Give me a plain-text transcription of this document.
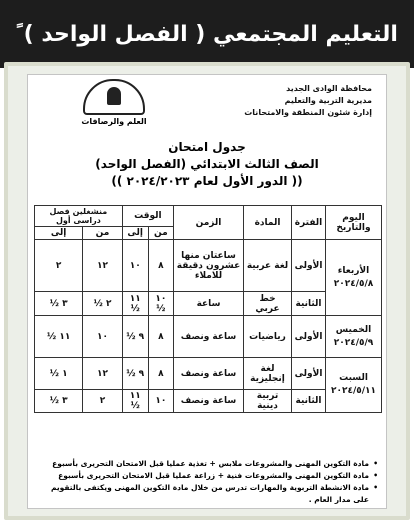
التعليم المجتمعي ( الفصل الواحد ) ً
محافظة الوادى الجديد
مديرية التربية والتعليم
إدارة شئون المنطقة والامتحانات
العلم والرصافات
جدول امتحان
الصف الثالث الابتدائي (الفصل الواحد)
(( الدور الأول لعام ٢٠٢٤/٢٠٢٣ ))
اليوم والتاريخ	الفترة	المادة	الزمن	الوقت		منشغلين فصل دراسى أول	
				من	إلى	من	إلى

الأربعاء
٢٠٢٤/٥/٨	الأولى	لغة عربية	ساعتان منها عشرون دقيقة للاملاء	٨	١٠	١٢	٢
	الثانية	خط عربي	ساعة	١٠ ½	١١ ½	٢ ½	٣ ½

الخميس
٢٠٢٤/٥/٩	الأولى	رياضيات	ساعة ونصف	٨	٩ ½	١٠	١١ ½

السبت
٢٠٢٤/٥/١١	الأولى	لغة إنجليزية	ساعة ونصف	٨	٩ ½	١٢	١ ½
	الثانية	تربية دينية	ساعة ونصف	١٠	١١ ½	٢	٣ ½
• مادة التكوين المهنى والمشروعات ملابس + تغذية عمليا قبل الامتحان التحريرى بأسبوع
• مادة التكوين المهنى والمشروعات فنية + زراعة عمليا قبل الامتحان التحريرى بأسبوع
• مادة الانشطة التربوية والمهارات تدرس من خلال مادة التكوين المهنى ويكتفى بالتقويم على مدار العام .
